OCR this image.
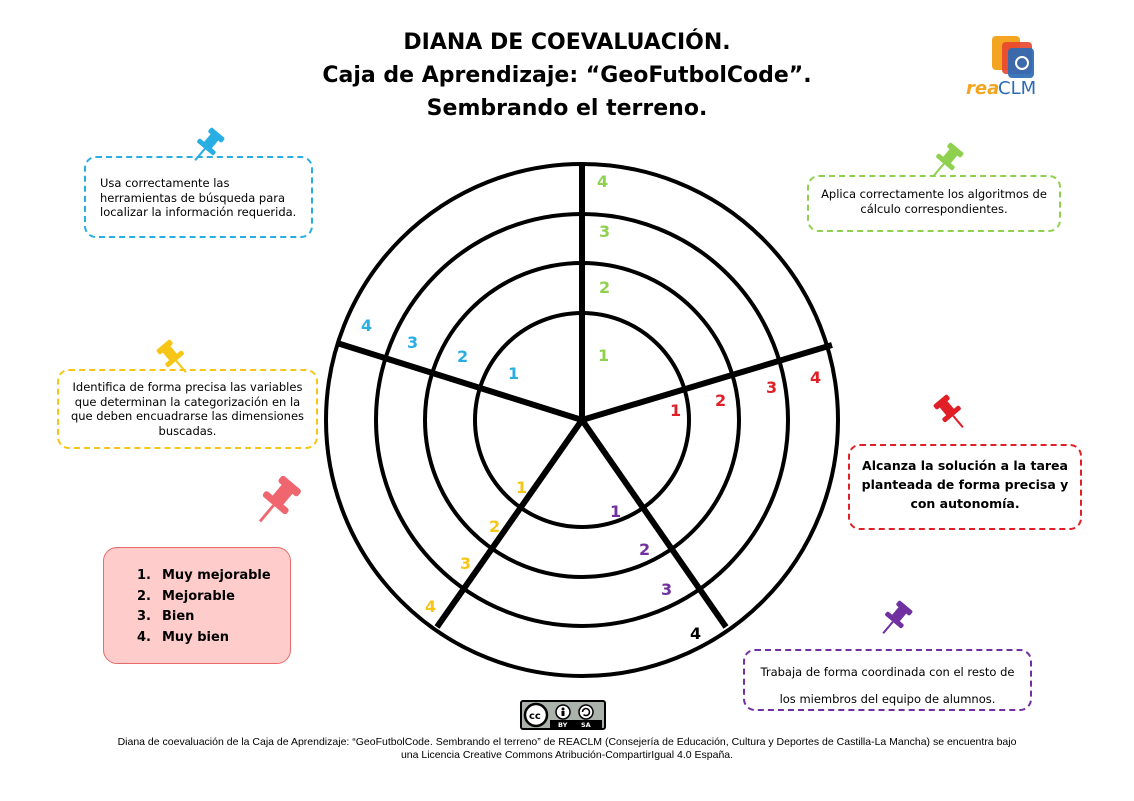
DIANA DE COEVALUACIÓN.
Caja de Aprendizaje: “GeoFutbolCode”.
Sembrando el terreno.
rea
CLM
1
2
3
4
1
2
3
4
1
2
3
4
1
2
3
4
1
2
3
4
Usa correctamente las herramientas de búsqueda para localizar la información requerida.
Aplica correctamente los algoritmos de cálculo correspondientes.
Identifica de forma precisa las variables que determinan la categorización en la que deben encuadrarse las dimensiones buscadas.
Alcanza la solución a la tarea planteada de forma precisa y con autonomía.
Trabaja de forma coordinada con el resto de los miembros del equipo de alumnos.
1. Muy mejorable
2. Mejorable
3. Bien
4. Muy bien
cc
BY SA
Diana de coevaluación de la Caja de Aprendizaje: “GeoFutbolCode. Sembrando el terreno” de REACLM (Consejería de Educación, Cultura y Deportes de Castilla-La Mancha) se encuentra bajo
una Licencia Creative Commons Atribución-CompartirIgual 4.0 España.
